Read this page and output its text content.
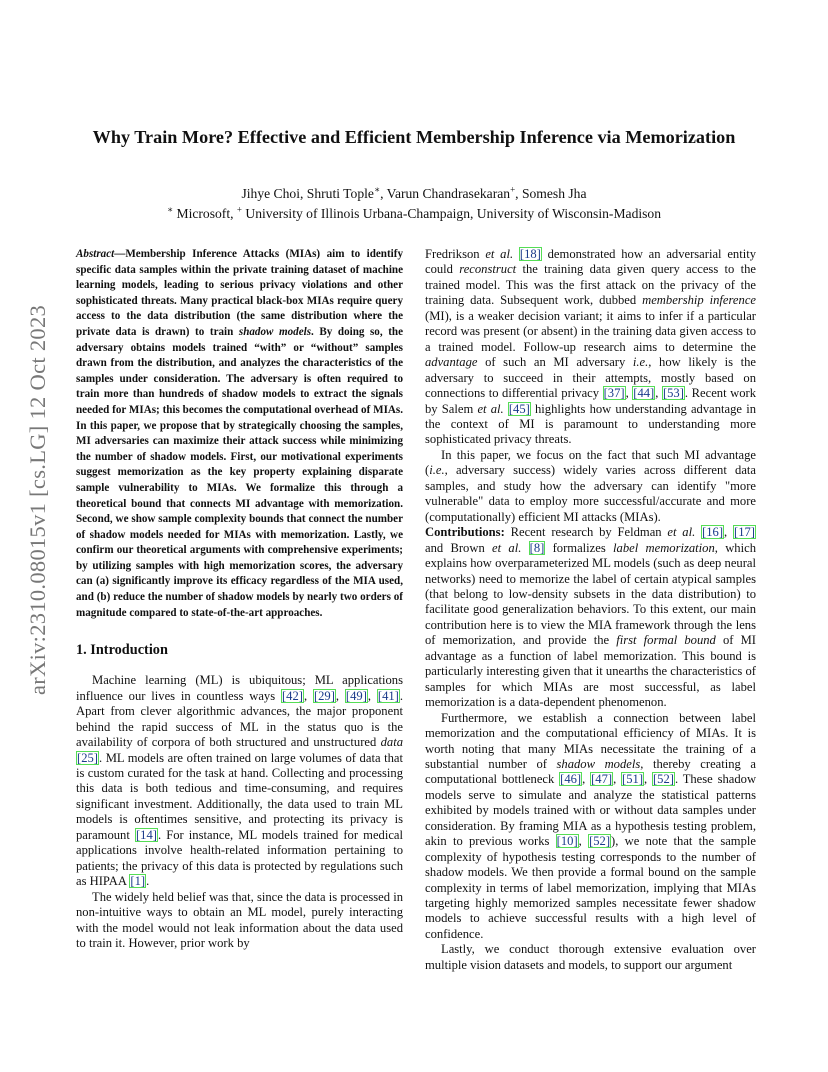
arXiv:2310.08015v1 [cs.LG] 12 Oct 2023
Why Train More? Effective and Efficient Membership Inference via Memorization
Jihye Choi, Shruti Tople∗, Varun Chandrasekaran+, Somesh Jha
∗ Microsoft, + University of Illinois Urbana-Champaign, University of Wisconsin-Madison

Abstract—Membership Inference Attacks (MIAs) aim to identify specific data samples within the private training dataset of machine learning models, leading to serious privacy violations and other sophisticated threats. Many practical black-box MIAs require query access to the data distribution (the same distribution where the private data is drawn) to train shadow models. By doing so, the adversary obtains models trained “with” or “without” samples drawn from the distribution, and analyzes the characteristics of the samples under consideration. The adversary is often required to train more than hundreds of shadow models to extract the signals needed for MIAs; this becomes the computational overhead of MIAs. In this paper, we propose that by strategically choosing the samples, MI adversaries can maximize their attack success while minimizing the number of shadow models. First, our motivational experiments suggest memorization as the key property explaining disparate sample vulnerability to MIAs. We formalize this through a theoretical bound that connects MI advantage with memorization. Second, we show sample complexity bounds that connect the number of shadow models needed for MIAs with memorization. Lastly, we confirm our theoretical arguments with comprehensive experiments; by utilizing samples with high memorization scores, the adversary can (a) significantly improve its efficacy regardless of the MIA used, and (b) reduce the number of shadow models by nearly two orders of magnitude compared to state-of-the-art approaches.

1. Introduction

Machine learning (ML) is ubiquitous; ML applications influence our lives in countless ways [42], [29], [49], [41]. Apart from clever algorithmic advances, the major proponent behind the rapid success of ML in the status quo is the availability of corpora of both structured and unstructured data [25]. ML models are often trained on large volumes of data that is custom curated for the task at hand. Collecting and processing this data is both tedious and time-consuming, and requires significant investment. Additionally, the data used to train ML models is oftentimes sensitive, and protecting its privacy is paramount [14]. For instance, ML models trained for medical applications involve health-related information pertaining to patients; the privacy of this data is protected by regulations such as HIPAA [1].

The widely held belief was that, since the data is processed in non-intuitive ways to obtain an ML model, purely interacting with the model would not leak information about the data used to train it. However, prior work by

Fredrikson et al. [18] demonstrated how an adversarial entity could reconstruct the training data given query access to the trained model. This was the first attack on the privacy of the training data. Subsequent work, dubbed membership inference (MI), is a weaker decision variant; it aims to infer if a particular record was present (or absent) in the training data given access to a trained model. Follow-up research aims to determine the advantage of such an MI adversary i.e., how likely is the adversary to succeed in their attempts, mostly based on connections to differential privacy [37], [44], [53]. Recent work by Salem et al. [45] highlights how understanding advantage in the context of MI is paramount to understanding more sophisticated privacy threats.

In this paper, we focus on the fact that such MI advantage (i.e., adversary success) widely varies across different data samples, and study how the adversary can identify "more vulnerable" data to employ more successful/accurate and more (computationally) efficient MI attacks (MIAs).

Contributions: Recent research by Feldman et al. [16], [17] and Brown et al. [8] formalizes label memorization, which explains how overparameterized ML models (such as deep neural networks) need to memorize the label of certain atypical samples (that belong to low-density subsets in the data distribution) to facilitate good generalization behaviors. To this extent, our main contribution here is to view the MIA framework through the lens of memorization, and provide the first formal bound of MI advantage as a function of label memorization. This bound is particularly interesting given that it unearths the characteristics of samples for which MIAs are most successful, as label memorization is a data-dependent phenomenon.

Furthermore, we establish a connection between label memorization and the computational efficiency of MIAs. It is worth noting that many MIAs necessitate the training of a substantial number of shadow models, thereby creating a computational bottleneck [46], [47], [51], [52]. These shadow models serve to simulate and analyze the statistical patterns exhibited by models trained with or without data samples under consideration. By framing MIA as a hypothesis testing problem, akin to previous works [10], [52]), we note that the sample complexity of hypothesis testing corresponds to the number of shadow models. We then provide a formal bound on the sample complexity in terms of label memorization, implying that MIAs targeting highly memorized samples necessitate fewer shadow models to achieve successful results with a high level of confidence.

Lastly, we conduct thorough extensive evaluation over multiple vision datasets and models, to support our argument
